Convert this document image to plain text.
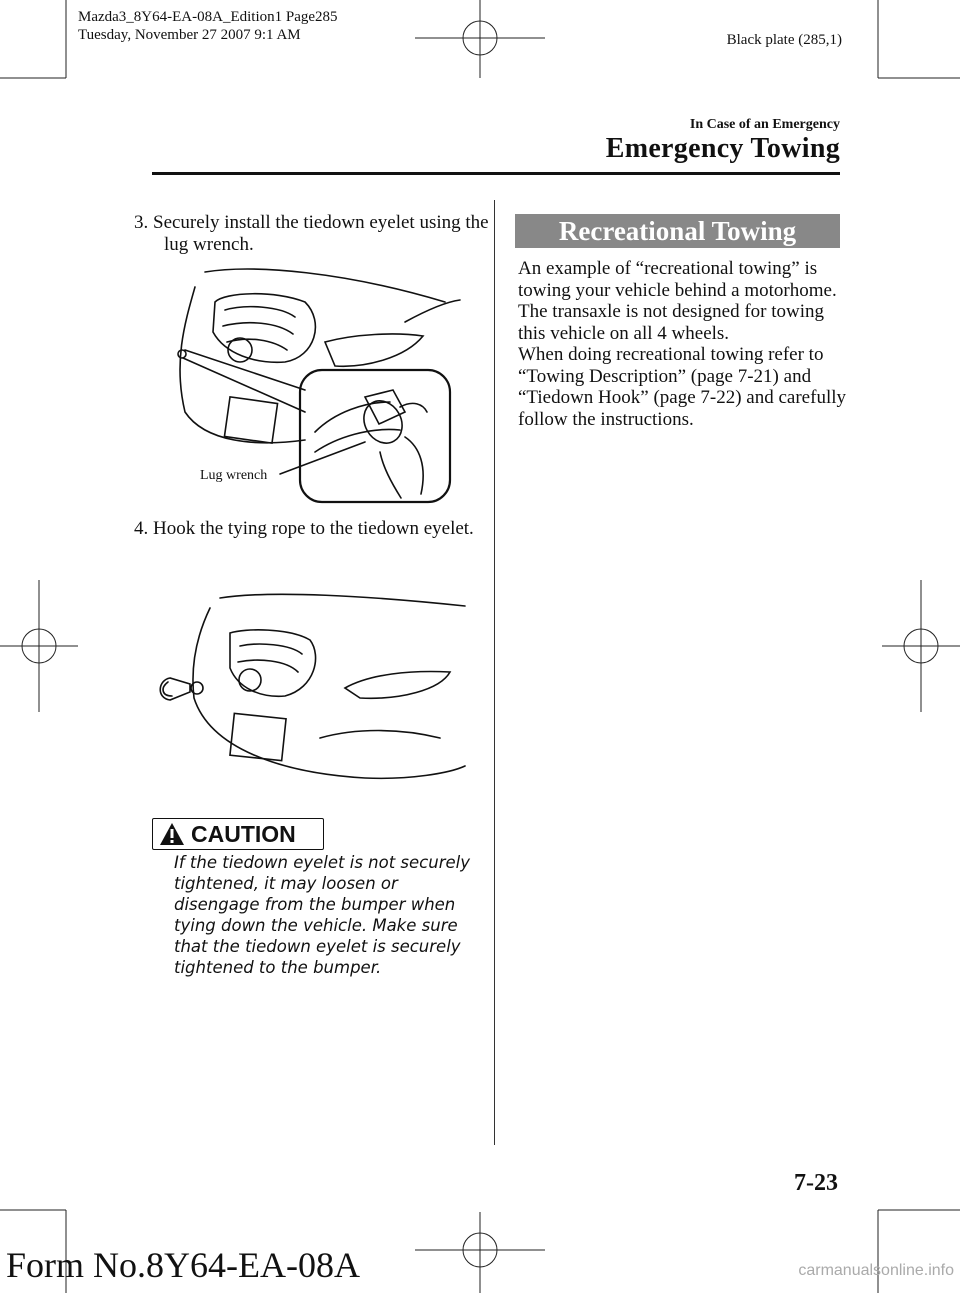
Mazda3_8Y64-EA-08A_Edition1 Page285
Tuesday, November 27 2007 9:1 AM	Black plate (285,1)
In Case of an Emergency
Emergency Towing
3. Securely install the tiedown eyelet using the lug wrench.
Lug wrench
4. Hook the tying rope to the tiedown eyelet.
CAUTION
If the tiedown eyelet is not securely tightened, it may loosen or disengage from the bumper when tying down the vehicle. Make sure that the tiedown eyelet is securely tightened to the bumper.
Recreational Towing
An example of “recreational towing” is towing your vehicle behind a motorhome. The transaxle is not designed for towing this vehicle on all 4 wheels.
When doing recreational towing refer to “Towing Description” (page 7-21) and “Tiedown Hook” (page 7-22) and carefully follow the instructions.
7-23
Form No.8Y64-EA-08A	carmanualsonline.info
